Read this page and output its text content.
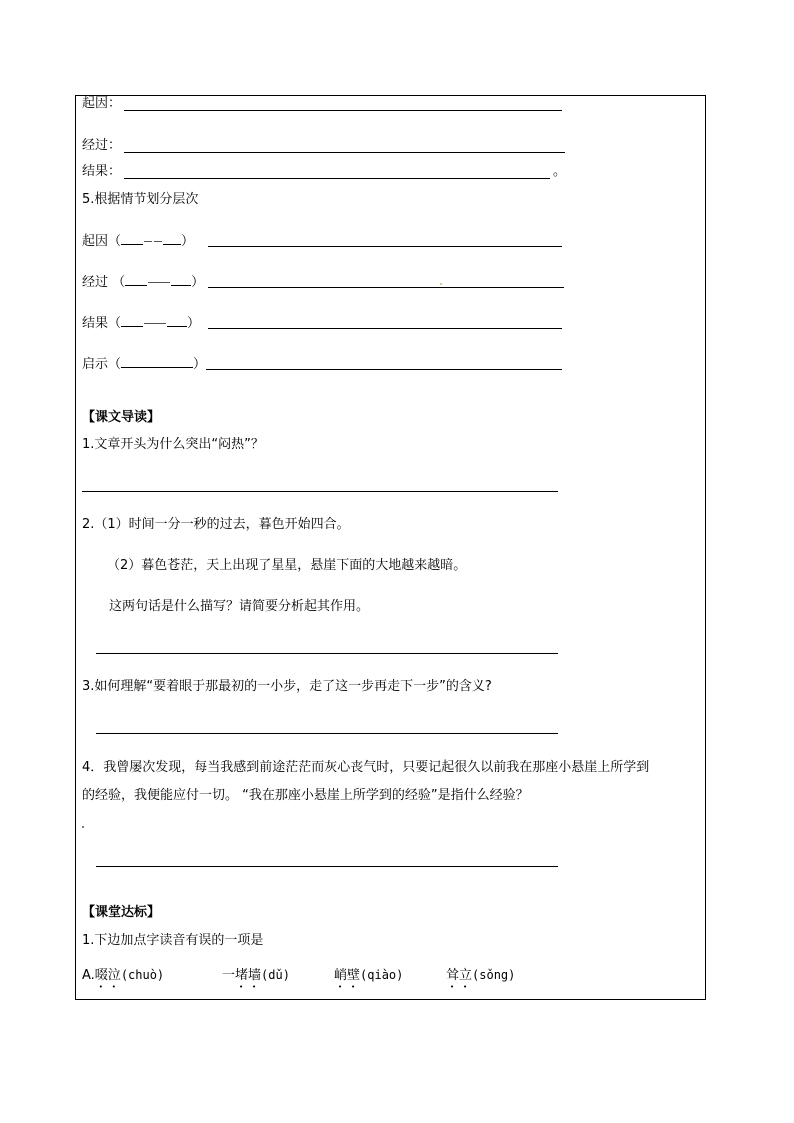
起因：
经过：
结果：	。
5.根据情节划分层次
起因（	）
经过 （	）
结果（	）
启示（	）
【课文导读】
1.文章开头为什么突出“闷热”？
2.（1）时间一分一秒的过去，暮色开始四合。
（2）暮色苍茫，天上出现了星星，悬崖下面的大地越来越暗。
这两句话是什么描写？请简要分析起其作用。
3.如何理解“要着眼于那最初的一小步，走了这一步再走下一步”的含义?
4．我曾屡次发现，每当我感到前途茫茫而灰心丧气时，只要记起很久以前我在那座小悬崖上所学到
的经验，我便能应付一切。 “我在那座小悬崖上所学到的经验”是指什么经验？
【课堂达标】
1.下边加点字读音有误的一项是
A.啜泣(chuò)	一堵墙(dǔ)	峭壁(qiào)	耸立(sǒng)
